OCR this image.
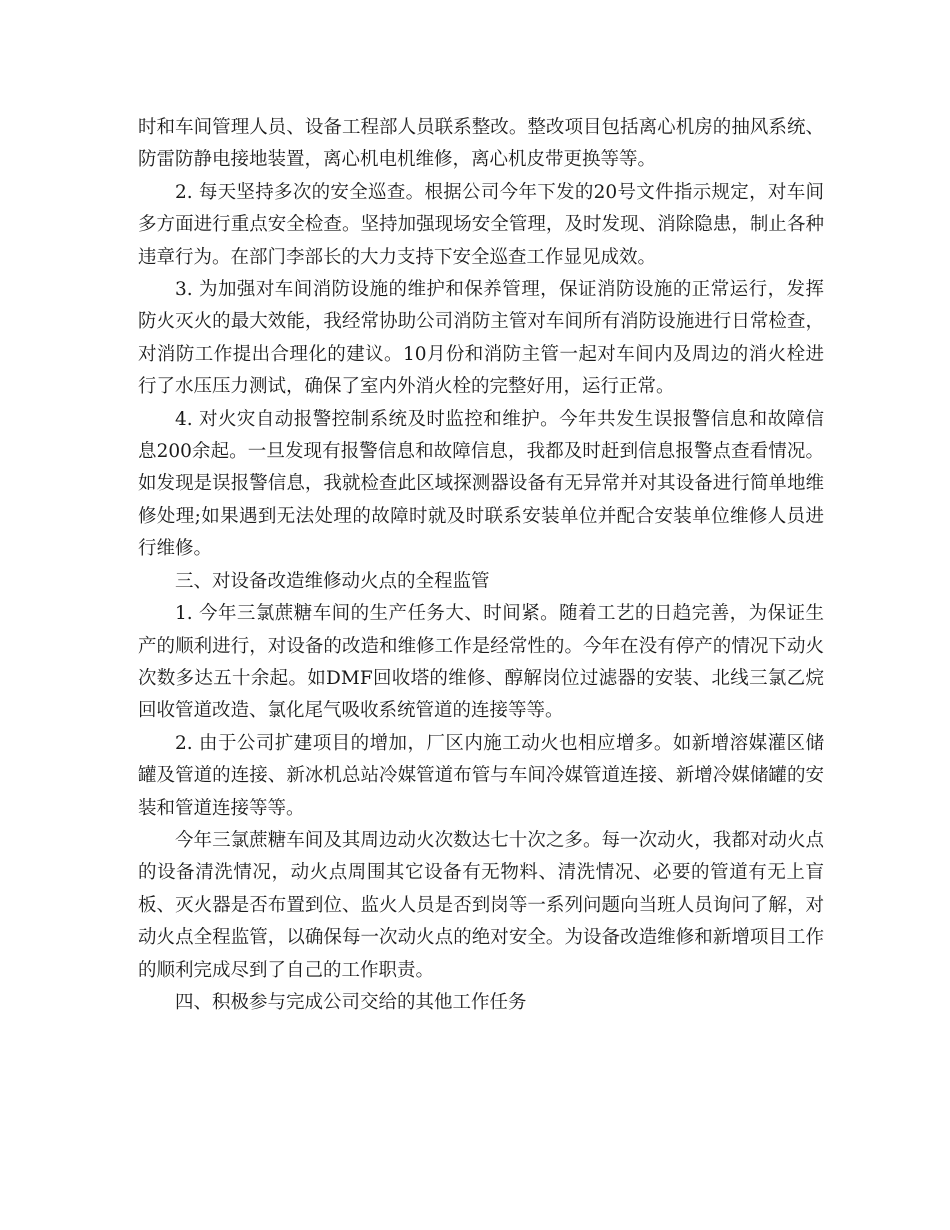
时和车间管理人员、设备工程部人员联系整改。整改项目包括离心机房的抽风系统、防雷防静电接地装置，离心机电机维修，离心机皮带更换等等。

2. 每天坚持多次的安全巡查。根据公司今年下发的20号文件指示规定，对车间多方面进行重点安全检查。坚持加强现场安全管理，及时发现、消除隐患，制止各种违章行为。在部门李部长的大力支持下安全巡查工作显见成效。

3. 为加强对车间消防设施的维护和保养管理，保证消防设施的正常运行，发挥防火灭火的最大效能，我经常协助公司消防主管对车间所有消防设施进行日常检查，对消防工作提出合理化的建议。10月份和消防主管一起对车间内及周边的消火栓进行了水压压力测试，确保了室内外消火栓的完整好用，运行正常。

4. 对火灾自动报警控制系统及时监控和维护。今年共发生误报警信息和故障信息200余起。一旦发现有报警信息和故障信息，我都及时赶到信息报警点查看情况。如发现是误报警信息，我就检查此区域探测器设备有无异常并对其设备进行简单地维修处理;如果遇到无法处理的故障时就及时联系安装单位并配合安装单位维修人员进行维修。

三、对设备改造维修动火点的全程监管

1. 今年三氯蔗糖车间的生产任务大、时间紧。随着工艺的日趋完善，为保证生产的顺利进行，对设备的改造和维修工作是经常性的。今年在没有停产的情况下动火次数多达五十余起。如DMF回收塔的维修、醇解岗位过滤器的安装、北线三氯乙烷回收管道改造、氯化尾气吸收系统管道的连接等等。

2. 由于公司扩建项目的增加，厂区内施工动火也相应增多。如新增溶媒灌区储罐及管道的连接、新冰机总站冷媒管道布管与车间冷媒管道连接、新增冷媒储罐的安装和管道连接等等。

今年三氯蔗糖车间及其周边动火次数达七十次之多。每一次动火，我都对动火点的设备清洗情况，动火点周围其它设备有无物料、清洗情况、必要的管道有无上盲板、灭火器是否布置到位、监火人员是否到岗等一系列问题向当班人员询问了解，对动火点全程监管，以确保每一次动火点的绝对安全。为设备改造维修和新增项目工作的顺利完成尽到了自己的工作职责。

四、积极参与完成公司交给的其他工作任务
